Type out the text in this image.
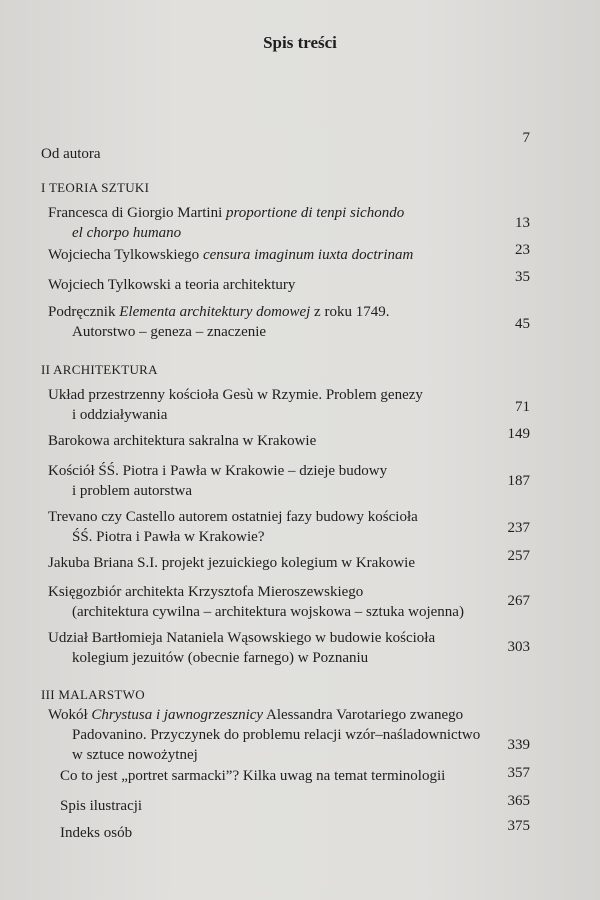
Spis treści
Od autora
7
I TEORIA SZTUKI
Francesca di Giorgio Martini proportione di tenpi sichondo
el chorpo humano
13
Wojciecha Tylkowskiego censura imaginum iuxta doctrinam	23
Wojciech Tylkowski a teoria architektury	35
Podręcznik Elementa architektury domowej z roku 1749.
Autorstwo – geneza – znaczenie	45
II ARCHITEKTURA
Układ przestrzenny kościoła Gesù w Rzymie. Problem genezy
i oddziaływania	71
Barokowa architektura sakralna w Krakowie	149
Kościół ŚŚ. Piotra i Pawła w Krakowie – dzieje budowy
i problem autorstwa
187
Trevano czy Castello autorem ostatniej fazy budowy kościoła
ŚŚ. Piotra i Pawła w Krakowie?
237
Jakuba Briana S.I. projekt jezuickiego kolegium w Krakowie	257
Księgozbiór architekta Krzysztofa Mieroszewskiego
(architektura cywilna – architektura wojskowa – sztuka wojenna)
267
Udział Bartłomieja Nataniela Wąsowskiego w budowie kościoła
kolegium jezuitów (obecnie farnego) w Poznaniu
303
III MALARSTWO
Wokół Chrystusa i jawnogrzesznicy Alessandra Varotariego zwanego
Padovanino. Przyczynek do problemu relacji wzór–naśladownictwo
w sztuce nowożytnej
339
Co to jest „portret sarmacki”? Kilka uwag na temat terminologii	357
Spis ilustracji	365
Indeks osób	375
